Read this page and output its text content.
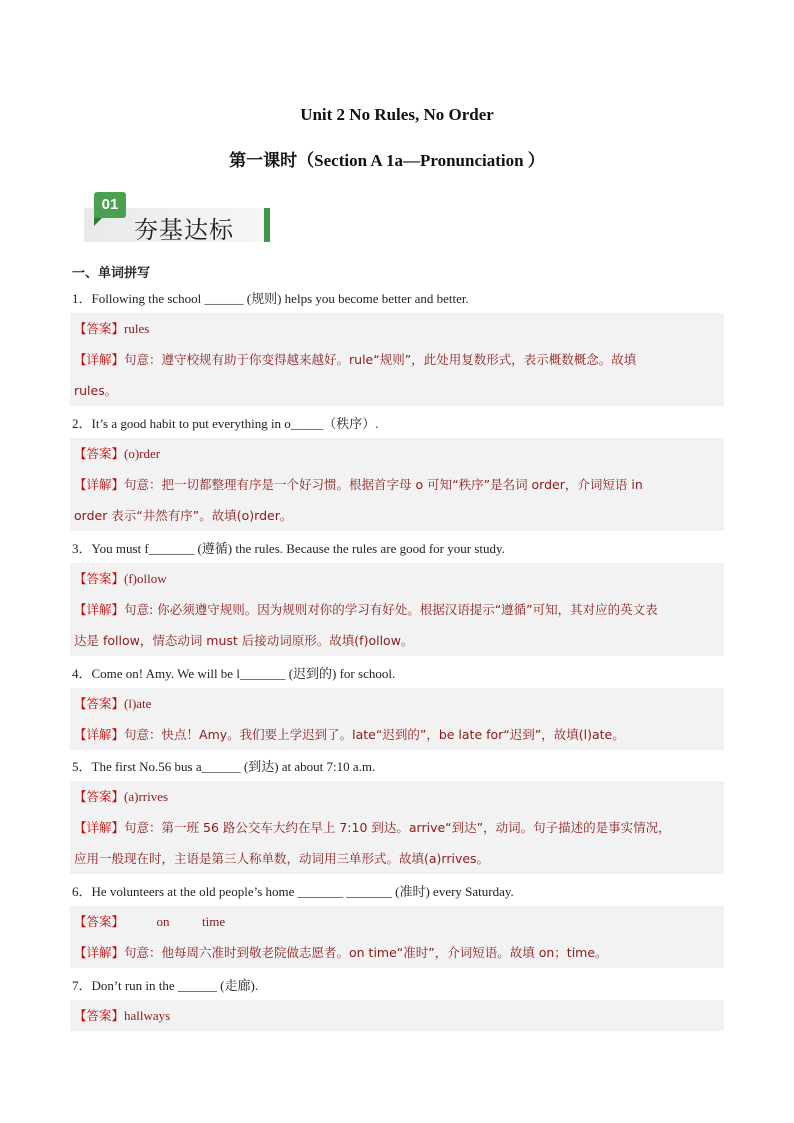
Unit 2 No Rules, No Order
第一课时（Section A 1a—Pronunciation ）
01
夯基达标
一、单词拼写
1．Following the school ______ (规则) helps you become better and better.
【答案】rules
【详解】句意：遵守校规有助于你变得越来越好。rule“规则”，此处用复数形式，表示概数概念。故填
rules。
2．It’s a good habit to put everything in o_____（秩序）.
【答案】(o)rder
【详解】句意：把一切都整理有序是一个好习惯。根据首字母 o 可知“秩序”是名词 order，介词短语 in
order 表示“井然有序”。故填(o)rder。
3．You must f_______ (遵循) the rules. Because the rules are good for your study.
【答案】(f)ollow
【详解】句意: 你必须遵守规则。因为规则对你的学习有好处。根据汉语提示“遵循”可知，其对应的英文表
达是 follow，情态动词 must 后接动词原形。故填(f)ollow。
4．Come on! Amy. We will be l_______ (迟到的) for school.
【答案】(l)ate
【详解】句意：快点！Amy。我们要上学迟到了。late“迟到的”，be late for“迟到”，故填(l)ate。
5．The first No.56 bus a______ (到达) at about 7:10 a.m.
【答案】(a)rrives
【详解】句意：第一班 56 路公交车大约在早上 7:10 到达。arrive“到达”，动词。句子描述的是事实情况，
应用一般现在时，主语是第三人称单数，动词用三单形式。故填(a)rrives。
6．He volunteers at the old people’s home _______ _______ (准时) every Saturday.
【答案】          on          time
【详解】句意：他每周六准时到敬老院做志愿者。on time“准时”，介词短语。故填 on；time。
7．Don’t run in the ______ (走廊).
【答案】hallways
